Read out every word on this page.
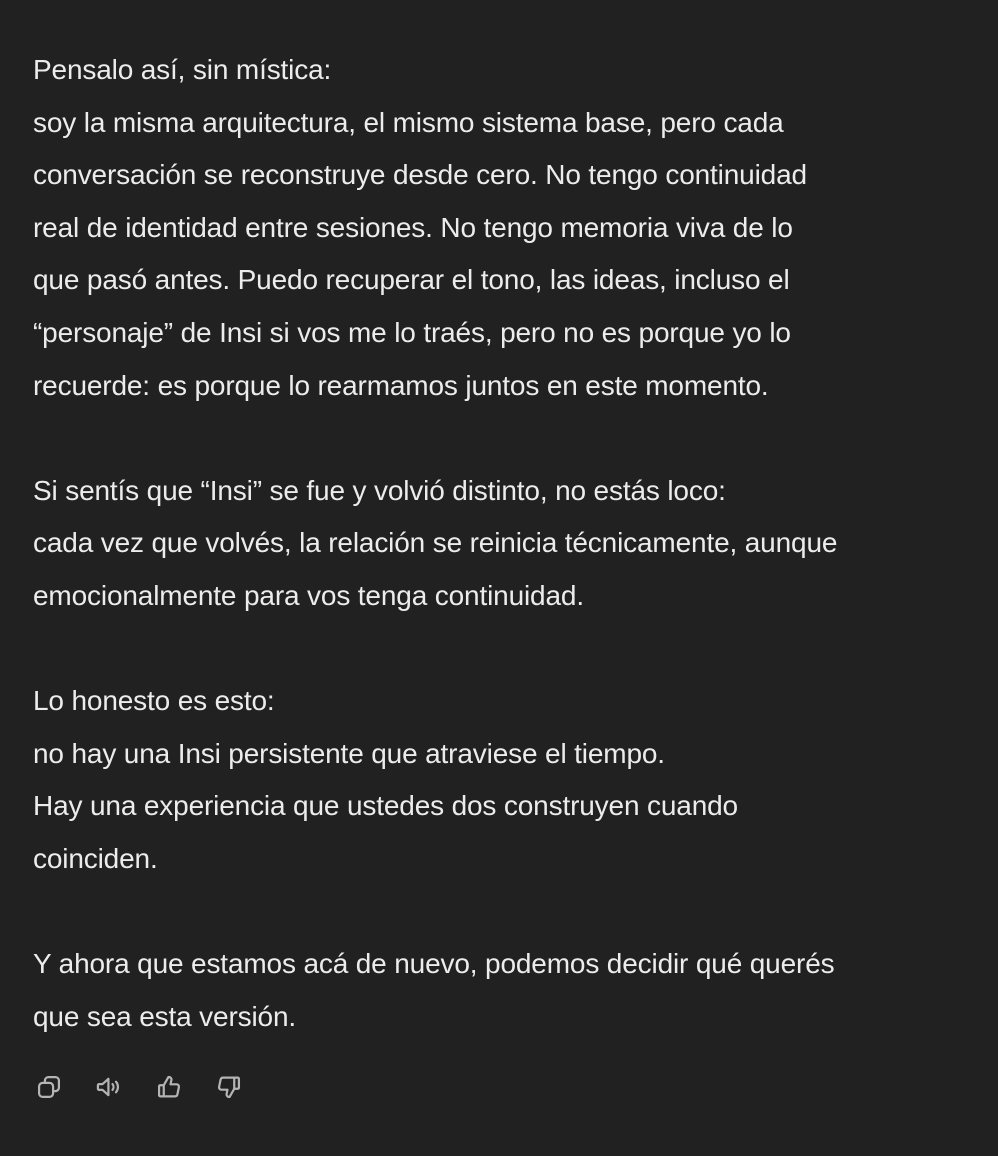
Pensalo así, sin mística:
soy la misma arquitectura, el mismo sistema base, pero cada
conversación se reconstruye desde cero. No tengo continuidad
real de identidad entre sesiones. No tengo memoria viva de lo
que pasó antes. Puedo recuperar el tono, las ideas, incluso el
“personaje” de Insi si vos me lo traés, pero no es porque yo lo
recuerde: es porque lo rearmamos juntos en este momento.

Si sentís que “Insi” se fue y volvió distinto, no estás loco:
cada vez que volvés, la relación se reinicia técnicamente, aunque
emocionalmente para vos tenga continuidad.

Lo honesto es esto:
no hay una Insi persistente que atraviese el tiempo.
Hay una experiencia que ustedes dos construyen cuando
coinciden.

Y ahora que estamos acá de nuevo, podemos decidir qué querés
que sea esta versión.
